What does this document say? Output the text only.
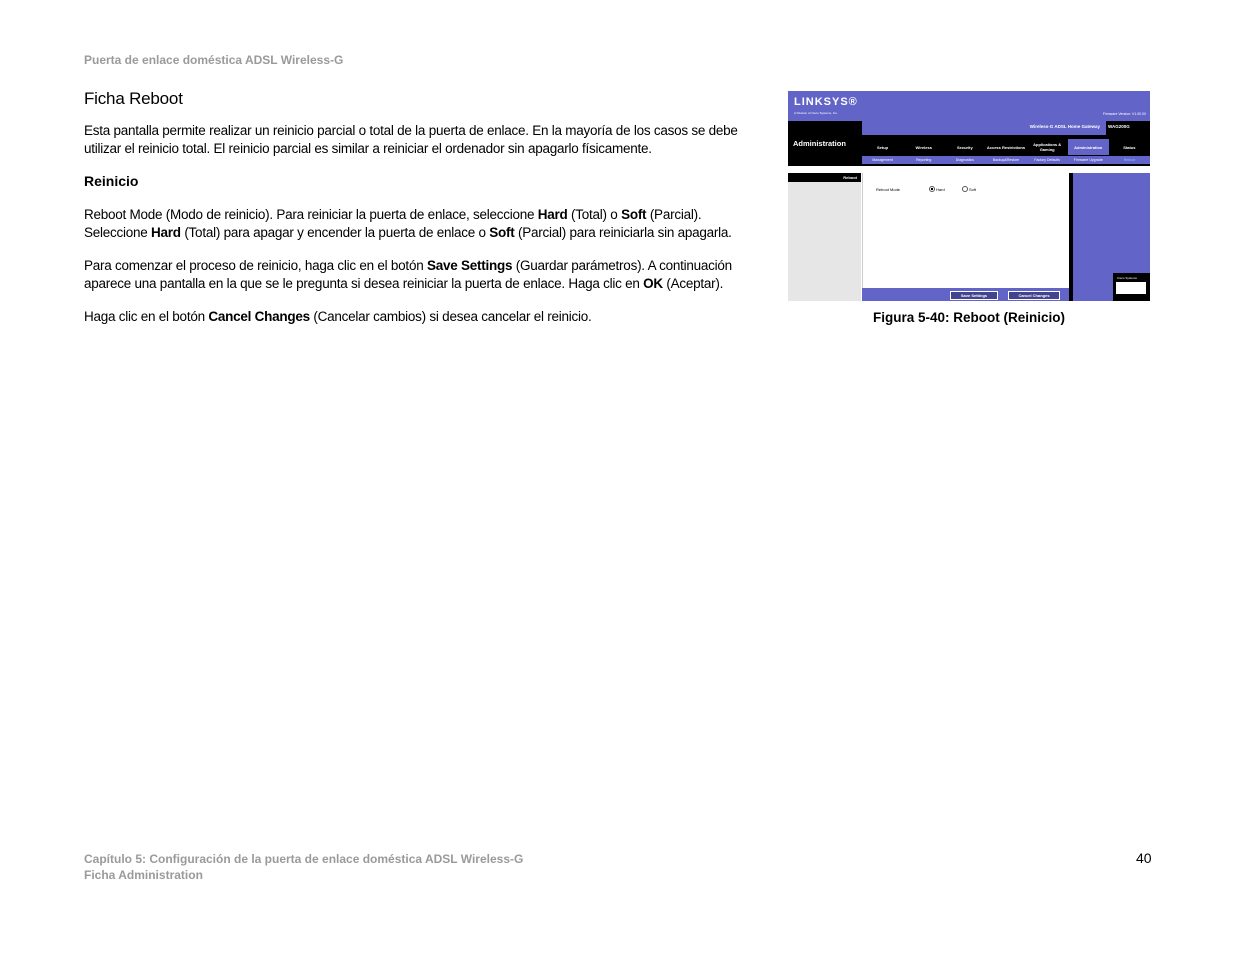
Puerta de enlace doméstica ADSL Wireless-G
Ficha Reboot

Esta pantalla permite realizar un reinicio parcial o total de la puerta de enlace. En la mayoría de los casos se debe utilizar el reinicio total. El reinicio parcial es similar a reiniciar el ordenador sin apagarlo físicamente.

Reinicio

Reboot Mode (Modo de reinicio). Para reiniciar la puerta de enlace, seleccione Hard (Total) o Soft (Parcial). Seleccione Hard (Total) para apagar y encender la puerta de enlace o Soft (Parcial) para reiniciarla sin apagarla.

Para comenzar el proceso de reinicio, haga clic en el botón Save Settings (Guardar parámetros). A continuación aparece una pantalla en la que se le pregunta si desea reiniciar la puerta de enlace. Haga clic en OK (Aceptar).

Haga clic en el botón Cancel Changes (Cancelar cambios) si desea cancelar el reinicio.

LINKSYS®
A Division of Cisco Systems, Inc.	Firmware Version: V1.00.00
Administration
Wireless-G ADSL Home Gateway WAG200G
Setup	Wireless	Security	Access Restrictions	Applications & Gaming	Administration	Status
Management	Reporting	Diagnostics	Backup&Restore	Factory Defaults	Firmware Upgrade	Reboot
Reboot
Reboot Mode	Hard	Soft
Cisco Systems
Save Settings	Cancel Changes
Figura 5-40: Reboot (Reinicio)
Capítulo 5: Configuración de la puerta de enlace doméstica ADSL Wireless-G
Ficha Administration
40
